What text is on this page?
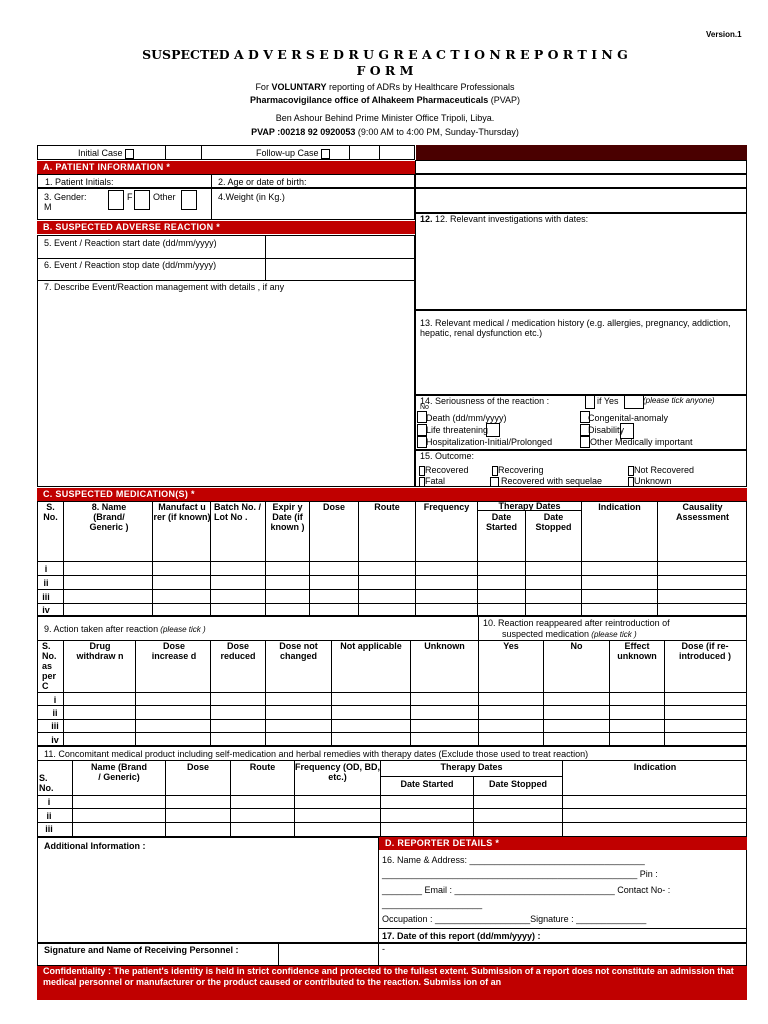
Version.1
SUSPECTED A D V E R S E D R U G R E A C T I O N R E P O R T I N G
F O R M
For VOLUNTARY reporting of ADRs by Healthcare Professionals
Pharmacovigilance office of Alhakeem Pharmaceuticals (PVAP)
Ben Ashour Behind Prime Minister Office Tripoli, Libya.
PVAP :00218 92 0920053 (9:00 AM to 4:00 PM, Sunday-Thursday)
Initial Case	Follow-up Case
A. PATIENT INFORMATION *
1. Patient Initials:	2. Age or date of birth:
3. Gender:
M
F Other	4.Weight (in Kg.)
B. SUSPECTED ADVERSE REACTION *
5. Event / Reaction start date (dd/mm/yyyy)
6. Event / Reaction stop date (dd/mm/yyyy)
7. Describe Event/Reaction management with details , if any
12. 12. Relevant investigations with dates:
13. Relevant medical / medication history (e.g. allergies, pregnancy, addiction, hepatic, renal dysfunction etc.)
14. Seriousness of the reaction :
No
if Yes	(please tick anyone)
Death (dd/mm/yyyy)	Congenital-anomaly
Life threatening	Disability
Hospitalization-Initial/Prolonged	Other Medically important
15. Outcome:
Recovered	Recovering	Not Recovered
Fatal	Recovered with sequelae	Unknown
C. SUSPECTED MEDICATION(S) *
S. No.
8. Name (Brand/ Generic )
Manufact u rer (if known)
Batch No. / Lot No .
Expir y Date (if known )
Dose	Route	Frequency	Therapy Dates
Date Started
Date Stopped
Indication	Causality Assessment
i
ii
iii
iv
9. Action taken after reaction (please tick )
10. Reaction reappeared after reintroduction of
suspected medication (please tick )
S. No. as per C
Drug withdraw n
Dose increase d
Dose reduced
Dose not changed
Not applicable	Unknown	Yes	No	Effect unknown
Dose (if re- introduced )
i
ii
iii
iv
11. Concomitant medical product including self-medication and herbal remedies with therapy dates (Exclude those used to treat reaction)
S. No.
Name (Brand / Generic)
Dose	Route	Frequency (OD, BD, etc.)
Therapy Dates
Date Started	Date Stopped
Indication
i
ii
iii
Additional Information :	D. REPORTER DETAILS *
16. Name & Address: ___________________________________
___________________________________________________ Pin :
________ Email : ________________________________ Contact No- :
____________________
Occupation : ___________________Signature : ______________
17. Date of this report (dd/mm/yyyy) :
Signature and Name of Receiving Personnel :	-
Confidentiality : The patient's identity is held in strict confidence and protected to the fullest extent. Submission of a report does not constitute an admission that medical personnel or manufacturer or the product caused or contributed to the reaction. Submiss ion of an
